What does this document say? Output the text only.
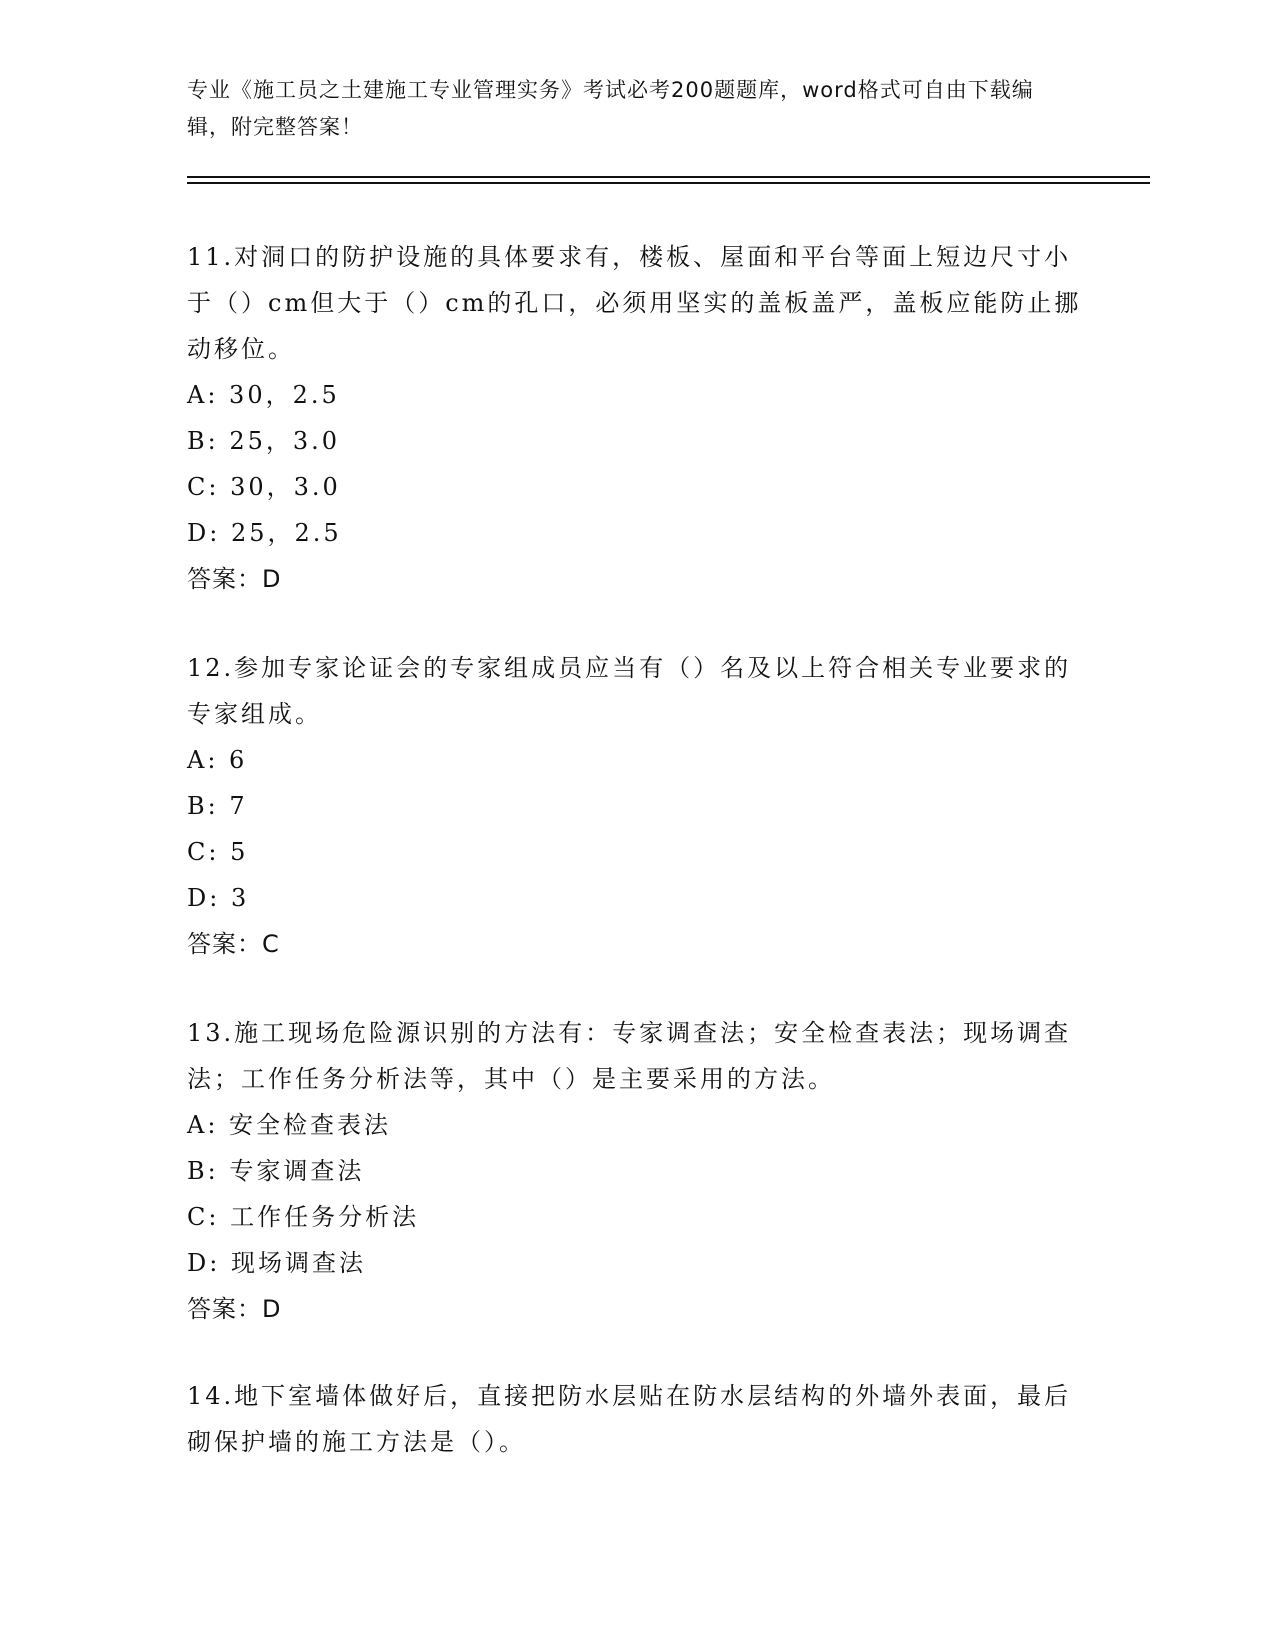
专业《施工员之土建施工专业管理实务》考试必考200题题库，word格式可自由下载编辑，附完整答案！

11.对洞口的防护设施的具体要求有，楼板、屋面和平台等面上短边尺寸小于（）cm但大于（）cm的孔口，必须用坚实的盖板盖严，盖板应能防止挪动移位。

A: 30，2.5

B: 25，3.0

C: 30，3.0

D: 25，2.5

答案：D

12.参加专家论证会的专家组成员应当有（）名及以上符合相关专业要求的专家组成。

A: 6

B: 7

C: 5

D: 3

答案：C

13.施工现场危险源识别的方法有：专家调查法；安全检查表法；现场调查法；工作任务分析法等，其中（）是主要采用的方法。

A: 安全检查表法

B: 专家调查法

C: 工作任务分析法

D: 现场调查法

答案：D

14.地下室墙体做好后，直接把防水层贴在防水层结构的外墙外表面，最后砌保护墙的施工方法是（）。
